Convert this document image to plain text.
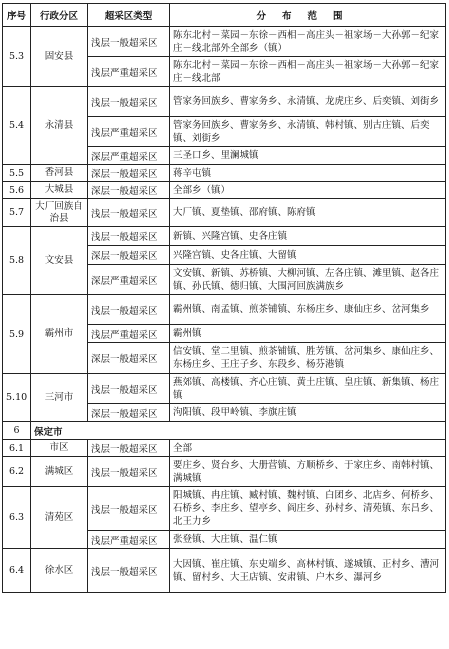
序号	行政分区	超采区类型	分布范围
5.3	固安县	浅层一般超采区	陈东北村－菜园－东徐－西相－高庄头－祖家场－大孙郭－纪家庄－线北部外全部乡（镇）
		浅层严重超采区	陈东北村－菜园－东徐－西相－高庄头－祖家场－大孙郭－纪家庄－线北部
5.4	永清县	浅层一般超采区	管家务回族乡、曹家务乡、永清镇、龙虎庄乡、后奕镇、刘街乡
		浅层严重超采区	管家务回族乡、曹家务乡、永清镇、韩村镇、别古庄镇、后奕镇、刘街乡
		深层严重超采区	三圣口乡、里澜城镇
5.5	香河县	深层一般超采区	蒋辛屯镇
5.6	大城县	深层一般超采区	全部乡（镇）
5.7	大厂回族自治县	浅层一般超采区	大厂镇、夏垫镇、邵府镇、陈府镇
5.8	文安县	浅层一般超采区	新镇、兴隆宫镇、史各庄镇
		深层一般超采区	兴隆宫镇、史各庄镇、大留镇
		深层严重超采区	文安镇、新镇、苏桥镇、大柳河镇、左各庄镇、滩里镇、赵各庄镇、孙氏镇、德归镇、大围河回族满族乡
5.9	霸州市	浅层一般超采区	霸州镇、南孟镇、煎茶铺镇、东杨庄乡、康仙庄乡、岔河集乡
		浅层严重超采区	霸州镇
		深层一般超采区	信安镇、堂二里镇、煎茶铺镇、胜芳镇、岔河集乡、康仙庄乡、东杨庄乡、王庄子乡、东段乡、杨芬港镇
5.10	三河市	浅层一般超采区	燕郊镇、高楼镇、齐心庄镇、黄土庄镇、皇庄镇、新集镇、杨庄镇
		深层一般超采区	泃阳镇、段甲岭镇、李旗庄镇
6	保定市		
6.1	市区	浅层一般超采区	全部
6.2	满城区	浅层一般超采区	要庄乡、贤台乡、大册营镇、方顺桥乡、于家庄乡、南韩村镇、满城镇
6.3	清苑区	浅层一般超采区	阳城镇、冉庄镇、臧村镇、魏村镇、白团乡、北店乡、何桥乡、石桥乡、李庄乡、望亭乡、阎庄乡、孙村乡、清苑镇、东吕乡、北王力乡
		浅层严重超采区	张登镇、大庄镇、温仁镇
6.4	徐水区	浅层一般超采区	大因镇、崔庄镇、东史端乡、高林村镇、遂城镇、正村乡、漕河镇、留村乡、大王店镇、安肃镇、户木乡、瀑河乡
